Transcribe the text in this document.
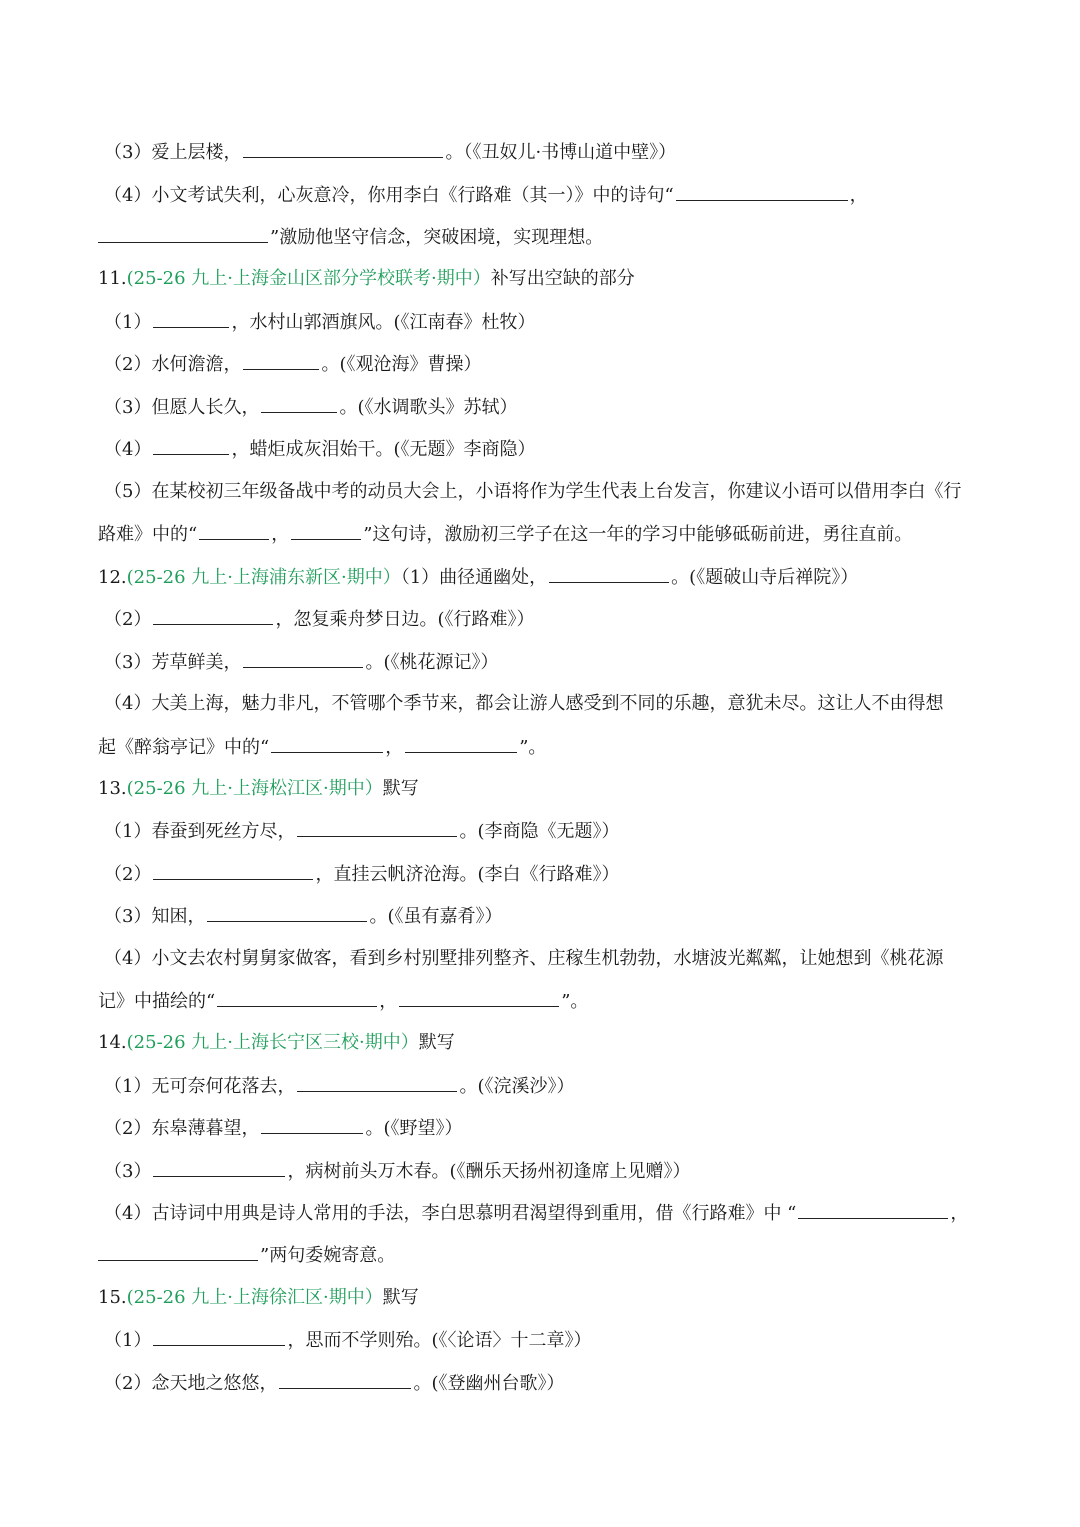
（3）爱上层楼，	。（《丑奴儿·书博山道中壁》）
（4）小文考试失利，心灰意冷，你用李白《行路难（其一）》中的诗句“	，
”激励他坚守信念，突破困境，实现理想。
11.(25-26 九上·上海金山区部分学校联考·期中）补写出空缺的部分
（1）	，水村山郭酒旗风。(《江南春》杜牧）
（2）水何澹澹，	。(《观沧海》曹操）
（3）但愿人长久，	。(《水调歌头》苏轼）
（4）	，蜡炬成灰泪始干。(《无题》李商隐）
（5）在某校初三年级备战中考的动员大会上，小语将作为学生代表上台发言，你建议小语可以借用李白《行
路难》中的“	，	”这句诗，激励初三学子在这一年的学习中能够砥砺前进，勇往直前。
12.(25-26 九上·上海浦东新区·期中）（1）曲径通幽处，	。(《题破山寺后禅院》）
（2）	，忽复乘舟梦日边。(《行路难》）
（3）芳草鲜美，	。(《桃花源记》）
（4）大美上海，魅力非凡，不管哪个季节来，都会让游人感受到不同的乐趣，意犹未尽。这让人不由得想
起《醉翁亭记》中的“	，	”。
13.(25-26 九上·上海松江区·期中）默写
（1）春蚕到死丝方尽，	。(李商隐《无题》）
（2）	，直挂云帆济沧海。(李白《行路难》）
（3）知困，	。(《虽有嘉肴》）
（4）小文去农村舅舅家做客，看到乡村别墅排列整齐、庄稼生机勃勃，水塘波光粼粼，让她想到《桃花源
记》中描绘的“	，	”。
14.(25-26 九上·上海长宁区三校·期中）默写
（1）无可奈何花落去，	。(《浣溪沙》）
（2）东皋薄暮望，	。(《野望》）
（3）	，病树前头万木春。(《酬乐天扬州初逢席上见赠》）
（4）古诗词中用典是诗人常用的手法，李白思慕明君渴望得到重用，借《行路难》中 “	，
”两句委婉寄意。
15.(25-26 九上·上海徐汇区·期中）默写
（1）	，思而不学则殆。(《〈论语〉十二章》）
（2）念天地之悠悠，	。(《登幽州台歌》）
